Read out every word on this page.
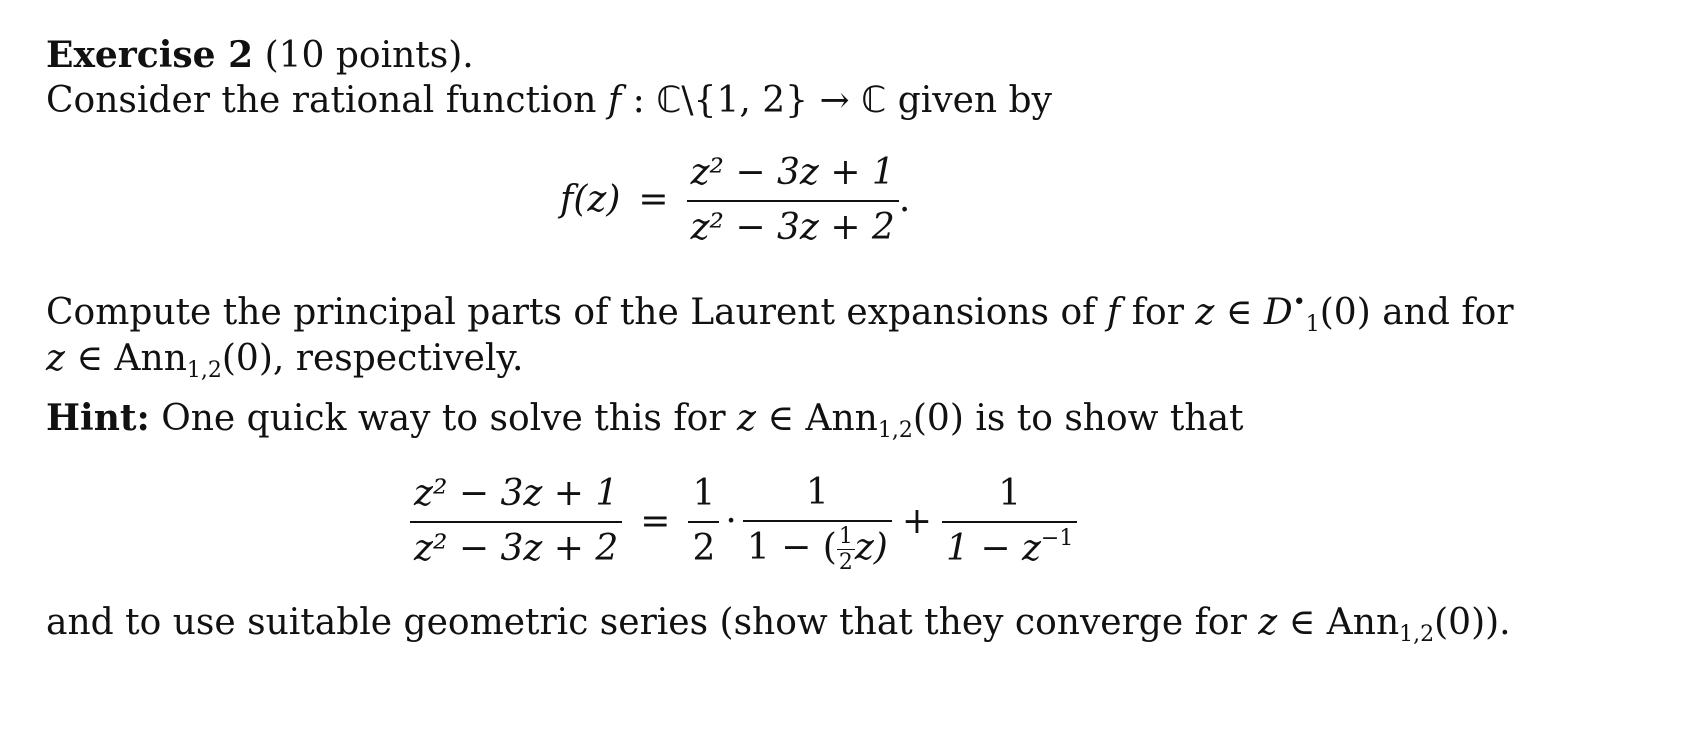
Exercise 2 (10 points).
Consider the rational function f : ℂ\{1, 2} → ℂ given by
$f(z) = \frac{\text{z² − 3z + 1}}{\text{z² − 3z + 2}}$ .
Compute the principal parts of the Laurent expansions of f for z ∈ $D^•_1(0)$ and for
z ∈ Ann$_{1,2}$(0), respectively.
Hint: One quick way to solve this for z ∈ Ann$_{1,2}$(0) is to show that
$\frac{\text{z² − 3z + 1}}{\text{z² − 3z + 2}} = \frac{1}{2} \cdot \frac{1}{1 - ( \frac{1}{2} z)} + \frac{1}{1 - z^{-1}}$
and to use suitable geometric series (show that they converge for z ∈ Ann$_{1,2}$(0)).
